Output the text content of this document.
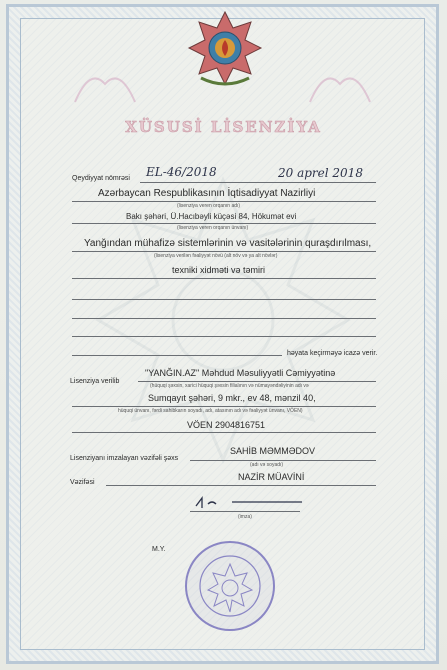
XÜSUSİ LİSENZİYA
Qeydiyyat nömrəsi EL-46/2018	20 aprel 2018
Azərbaycan Respublikasının İqtisadiyyat Nazirliyi
(lisenziya veren orqanın adı)
Bakı şəhəri, Ü.Hacıbəyli küçəsi 84, Hökumət evi
(lisenziya veren orqanın ünvanı)
Yanğından mühafizə sistemlərinin və vasitələrinin quraşdırılması,
(lisenziya verilən fəaliyyət növü (alt növ və ya alt növlər)
texniki xidməti və təmiri
həyata keçirməyə icazə verir.
Lisenziya verilib
"YANĞIN.AZ" Məhdud Məsuliyyətli Cəmiyyətinə
(hüquqi şəxsin, xarici hüquqi şəxsin filialının və nümayəndəliyinin adı və
Sumqayıt şəhəri, 9 mkr., ev 48, mənzil 40,
hüquqi ünvanı, fərdi sahibkarın soyadı, adı, atasının adı və fəaliyyət ünvanı, VÖEN)
VÖEN 2904816751
Lisenziyanı imzalayan vəzifəli şəxs
SAHİB MƏMMƏDOV
(adı və soyadı)
Vəzifəsi
NAZİR MÜAVİNİ
(imza)
M.Y.
